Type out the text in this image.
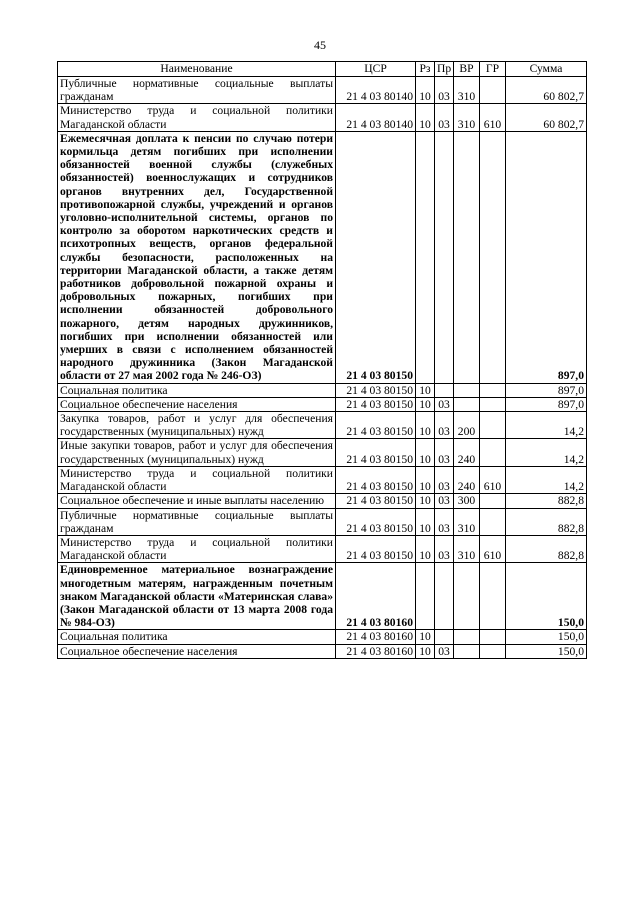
45
Наименование	ЦСР	Рз	Пр	ВР	ГР	Сумма
Публичные нормативные социальные выплаты гражданам	21 4 03 80140	10	03	310		60 802,7
Министерство труда и социальной политики Магаданской области	21 4 03 80140	10	03	310	610	60 802,7
Ежемесячная доплата к пенсии по случаю потери кормильца детям погибших при исполнении обязанностей военной службы (служебных обязанностей) военнослужащих и сотрудников органов внутренних дел, Государственной противопожарной службы, учреждений и органов уголовно-исполнительной системы, органов по контролю за оборотом наркотических средств и психотропных веществ, органов федеральной службы безопасности, расположенных на территории Магаданской области, а также детям работников добровольной пожарной охраны и добровольных пожарных, погибших при исполнении обязанностей добровольного пожарного, детям народных дружинников, погибших при исполнении обязанностей или умерших в связи с исполнением обязанностей народного дружинника (Закон Магаданской области от 27 мая 2002 года № 246-ОЗ)	21 4 03 80150					897,0
Социальная политика	21 4 03 80150	10				897,0
Социальное обеспечение населения	21 4 03 80150	10	03			897,0
Закупка товаров, работ и услуг для обеспечения государственных (муниципальных) нужд	21 4 03 80150	10	03	200		14,2
Иные закупки товаров, работ и услуг для обеспечения государственных (муниципальных) нужд	21 4 03 80150	10	03	240		14,2
Министерство труда и социальной политики Магаданской области	21 4 03 80150	10	03	240	610	14,2
Социальное обеспечение и иные выплаты населению	21 4 03 80150	10	03	300		882,8
Публичные нормативные социальные выплаты гражданам	21 4 03 80150	10	03	310		882,8
Министерство труда и социальной политики Магаданской области	21 4 03 80150	10	03	310	610	882,8
Единовременное материальное вознаграждение многодетным матерям, награжденным почетным знаком Магаданской области «Материнская слава» (Закон Магаданской области от 13 марта 2008 года № 984-ОЗ)	21 4 03 80160					150,0
Социальная политика	21 4 03 80160	10				150,0
Социальное обеспечение населения	21 4 03 80160	10	03			150,0
